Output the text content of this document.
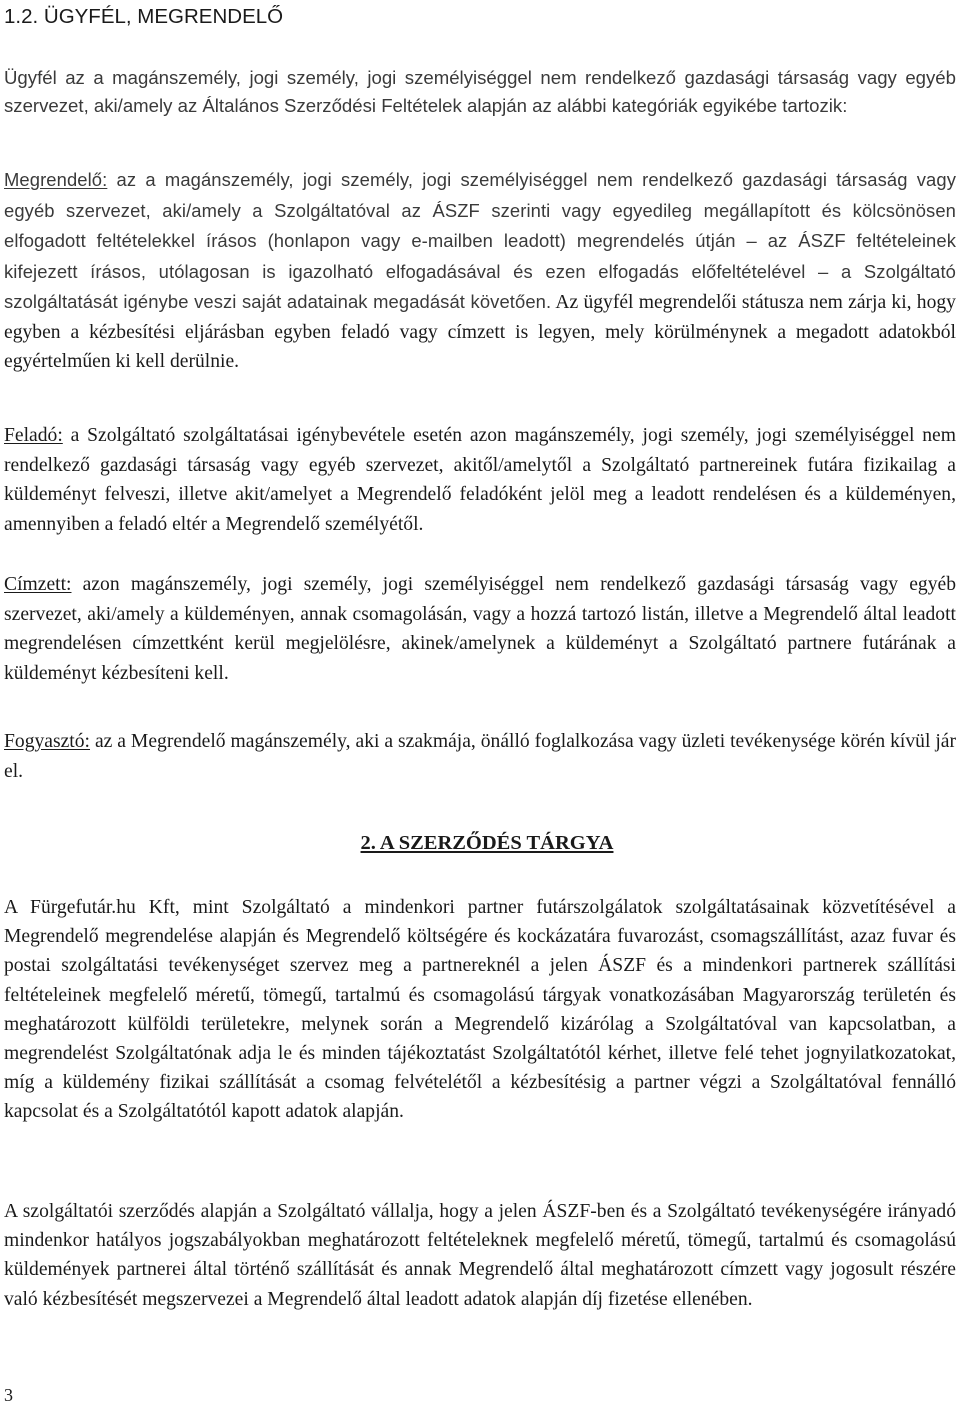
1.2. ÜGYFÉL, MEGRENDELŐ

Ügyfél az a magánszemély, jogi személy, jogi személyiséggel nem rendelkező gazdasági társaság vagy egyéb szervezet, aki/amely az Általános Szerződési Feltételek alapján az alábbi kategóriák egyikébe tartozik:

Megrendelő: az a magánszemély, jogi személy, jogi személyiséggel nem rendelkező gazdasági társaság vagy egyéb szervezet, aki/amely a Szolgáltatóval az ÁSZF szerinti vagy egyedileg megállapított és kölcsönösen elfogadott feltételekkel írásos (honlapon vagy e-mailben leadott) megrendelés útján – az ÁSZF feltételeinek kifejezett írásos, utólagosan is igazolható elfogadásával és ezen elfogadás előfeltételével – a Szolgáltató szolgáltatását igénybe veszi saját adatainak megadását követően. Az ügyfél megrendelői státusza nem zárja ki, hogy egyben a kézbesítési eljárásban egyben feladó vagy címzett is legyen, mely körülménynek a megadott adatokból egyértelműen ki kell derülnie.

Feladó: a Szolgáltató szolgáltatásai igénybevétele esetén azon magánszemély, jogi személy, jogi személyiséggel nem rendelkező gazdasági társaság vagy egyéb szervezet, akitől/amelytől a Szolgáltató partnereinek futára fizikailag a küldeményt felveszi, illetve akit/amelyet a Megrendelő feladóként jelöl meg a leadott rendelésen és a küldeményen, amennyiben a feladó eltér a Megrendelő személyétől.

Címzett: azon magánszemély, jogi személy, jogi személyiséggel nem rendelkező gazdasági társaság vagy egyéb szervezet, aki/amely a küldeményen, annak csomagolásán, vagy a hozzá tartozó listán, illetve a Megrendelő által leadott megrendelésen címzettként kerül megjelölésre, akinek/amelynek a küldeményt a Szolgáltató partnere futárának a küldeményt kézbesíteni kell.

Fogyasztó: az a Megrendelő magánszemély, aki a szakmája, önálló foglalkozása vagy üzleti tevékenysége körén kívül jár el.

2. A SZERZŐDÉS TÁRGYA

A Fürgefutár.hu Kft, mint Szolgáltató a mindenkori partner futárszolgálatok szolgáltatásainak közvetítésével a Megrendelő megrendelése alapján és Megrendelő költségére és kockázatára fuvarozást, csomagszállítást, azaz fuvar és postai szolgáltatási tevékenységet szervez meg a partnereknél a jelen ÁSZF és a mindenkori partnerek szállítási feltételeinek megfelelő méretű, tömegű, tartalmú és csomagolású tárgyak vonatkozásában Magyarország területén és meghatározott külföldi területekre, melynek során a Megrendelő kizárólag a Szolgáltatóval van kapcsolatban, a megrendelést Szolgáltatónak adja le és minden tájékoztatást Szolgáltatótól kérhet, illetve felé tehet jognyilatkozatokat, míg a küldemény fizikai szállítását a csomag felvételétől a kézbesítésig a partner végzi a Szolgáltatóval fennálló kapcsolat és a Szolgáltatótól kapott adatok alapján.

A szolgáltatói szerződés alapján a Szolgáltató vállalja, hogy a jelen ÁSZF-ben és a Szolgáltató tevékenységére irányadó mindenkor hatályos jogszabályokban meghatározott feltételeknek megfelelő méretű, tömegű, tartalmú és csomagolású küldemények partnerei által történő szállítását és annak Megrendelő által meghatározott címzett vagy jogosult részére való kézbesítését megszervezei a Megrendelő által leadott adatok alapján díj fizetése ellenében.

3
